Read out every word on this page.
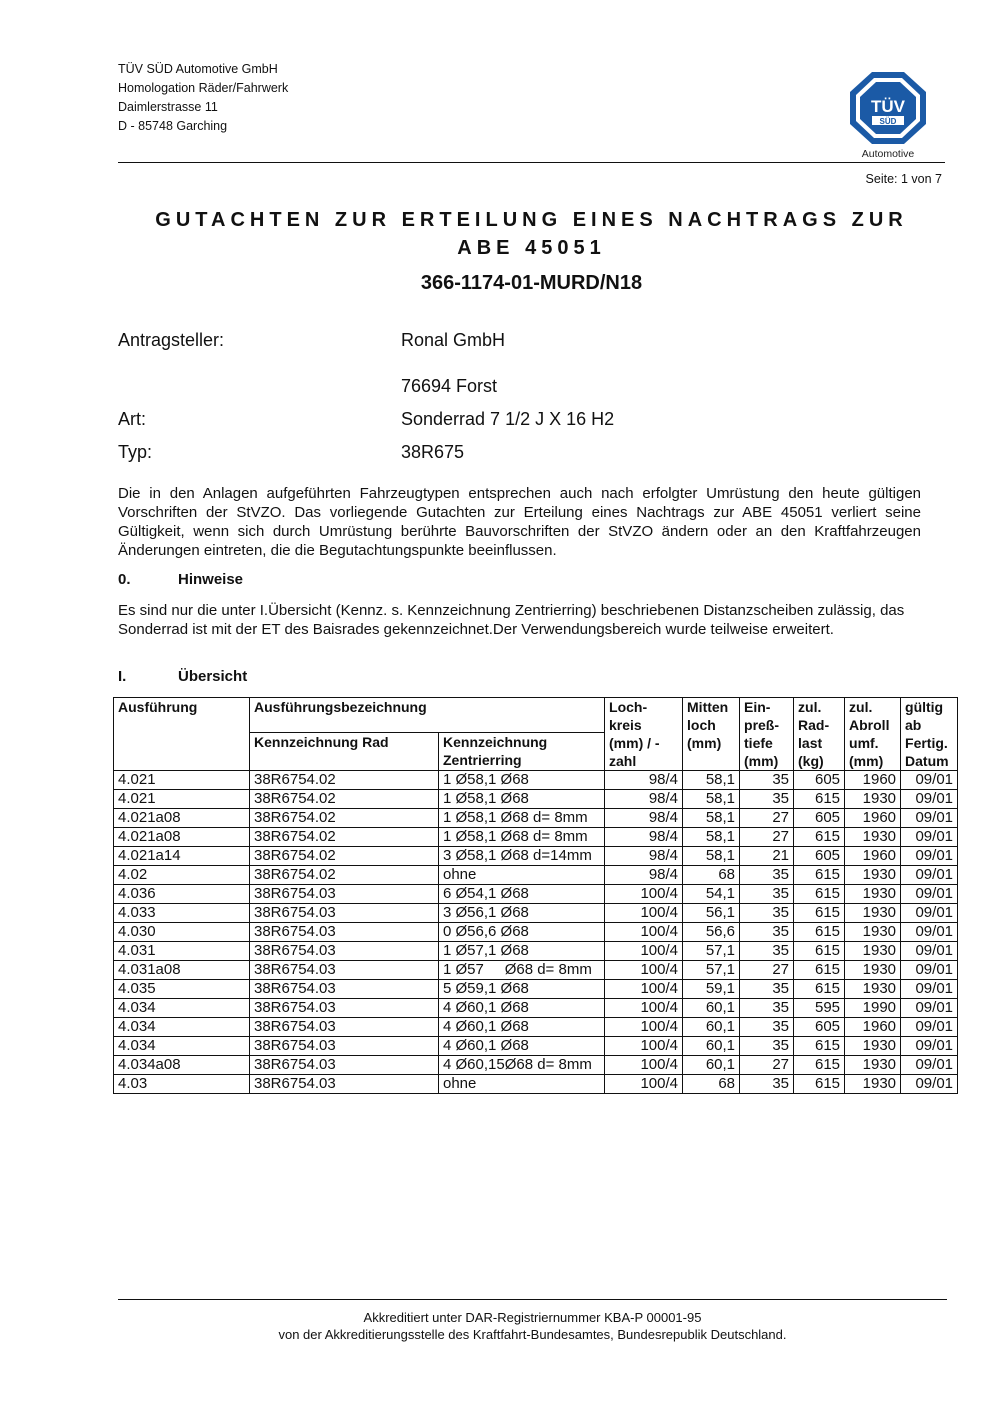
TÜV SÜD Automotive GmbH
Homologation Räder/Fahrwerk
Daimlerstrasse 11
D - 85748 Garching
TÜV
SÜD
Automotive
Seite: 1 von 7
GUTACHTEN ZUR ERTEILUNG EINES NACHTRAGS ZUR
ABE 45051
366-1174-01-MURD/N18
Antragsteller:	Ronal GmbH
76694 Forst
Art:	Sonderrad 7 1/2 J X 16 H2
Typ:	38R675
Die in den Anlagen aufgeführten Fahrzeugtypen entsprechen auch nach erfolgter Umrüstung den heute gültigen Vorschriften der StVZO. Das vorliegende Gutachten zur Erteilung eines Nachtrags zur ABE 45051 verliert seine Gültigkeit, wenn sich durch Umrüstung berührte Bauvorschriften der StVZO ändern oder an den Kraftfahrzeugen Änderungen eintreten, die die Begutachtungspunkte beeinflussen.
0.	Hinweise
Es sind nur die unter I.Übersicht (Kennz. s. Kennzeichnung Zentrierring) beschriebenen Distanzscheiben zulässig, das Sonderrad ist mit der ET des Baisrades gekennzeichnet.Der Verwendungsbereich wurde teilweise erweitert.
I.	Übersicht
Ausführung	Ausführungsbezeichnung		Loch-kreis (mm) / -zahl	Mitten loch (mm)	Ein-preß-tiefe (mm)	zul. Rad-last (kg)	zul. Abroll umf. (mm)	gültig ab Fertig. Datum
	Kennzeichnung Rad	Kennzeichnung Zentrierring						
4.021	38R6754.02	1 Ø58,1 Ø68	98/4	58,1	35	605	1960	09/01
4.021	38R6754.02	1 Ø58,1 Ø68	98/4	58,1	35	615	1930	09/01
4.021a08	38R6754.02	1 Ø58,1 Ø68 d= 8mm	98/4	58,1	27	605	1960	09/01
4.021a08	38R6754.02	1 Ø58,1 Ø68 d= 8mm	98/4	58,1	27	615	1930	09/01
4.021a14	38R6754.02	3 Ø58,1 Ø68 d=14mm	98/4	58,1	21	605	1960	09/01
4.02	38R6754.02	ohne	98/4	68	35	615	1930	09/01
4.036	38R6754.03	6 Ø54,1 Ø68	100/4	54,1	35	615	1930	09/01
4.033	38R6754.03	3 Ø56,1 Ø68	100/4	56,1	35	615	1930	09/01
4.030	38R6754.03	0 Ø56,6 Ø68	100/4	56,6	35	615	1930	09/01
4.031	38R6754.03	1 Ø57,1 Ø68	100/4	57,1	35	615	1930	09/01
4.031a08	38R6754.03	1 Ø57     Ø68 d= 8mm	100/4	57,1	27	615	1930	09/01
4.035	38R6754.03	5 Ø59,1 Ø68	100/4	59,1	35	615	1930	09/01
4.034	38R6754.03	4 Ø60,1 Ø68	100/4	60,1	35	595	1990	09/01
4.034	38R6754.03	4 Ø60,1 Ø68	100/4	60,1	35	605	1960	09/01
4.034	38R6754.03	4 Ø60,1 Ø68	100/4	60,1	35	615	1930	09/01
4.034a08	38R6754.03	4 Ø60,15Ø68 d= 8mm	100/4	60,1	27	615	1930	09/01
4.03	38R6754.03	ohne	100/4	68	35	615	1930	09/01
Akkreditiert unter DAR-Registriernummer KBA-P 00001-95
von der Akkreditierungsstelle des Kraftfahrt-Bundesamtes, Bundesrepublik Deutschland.
